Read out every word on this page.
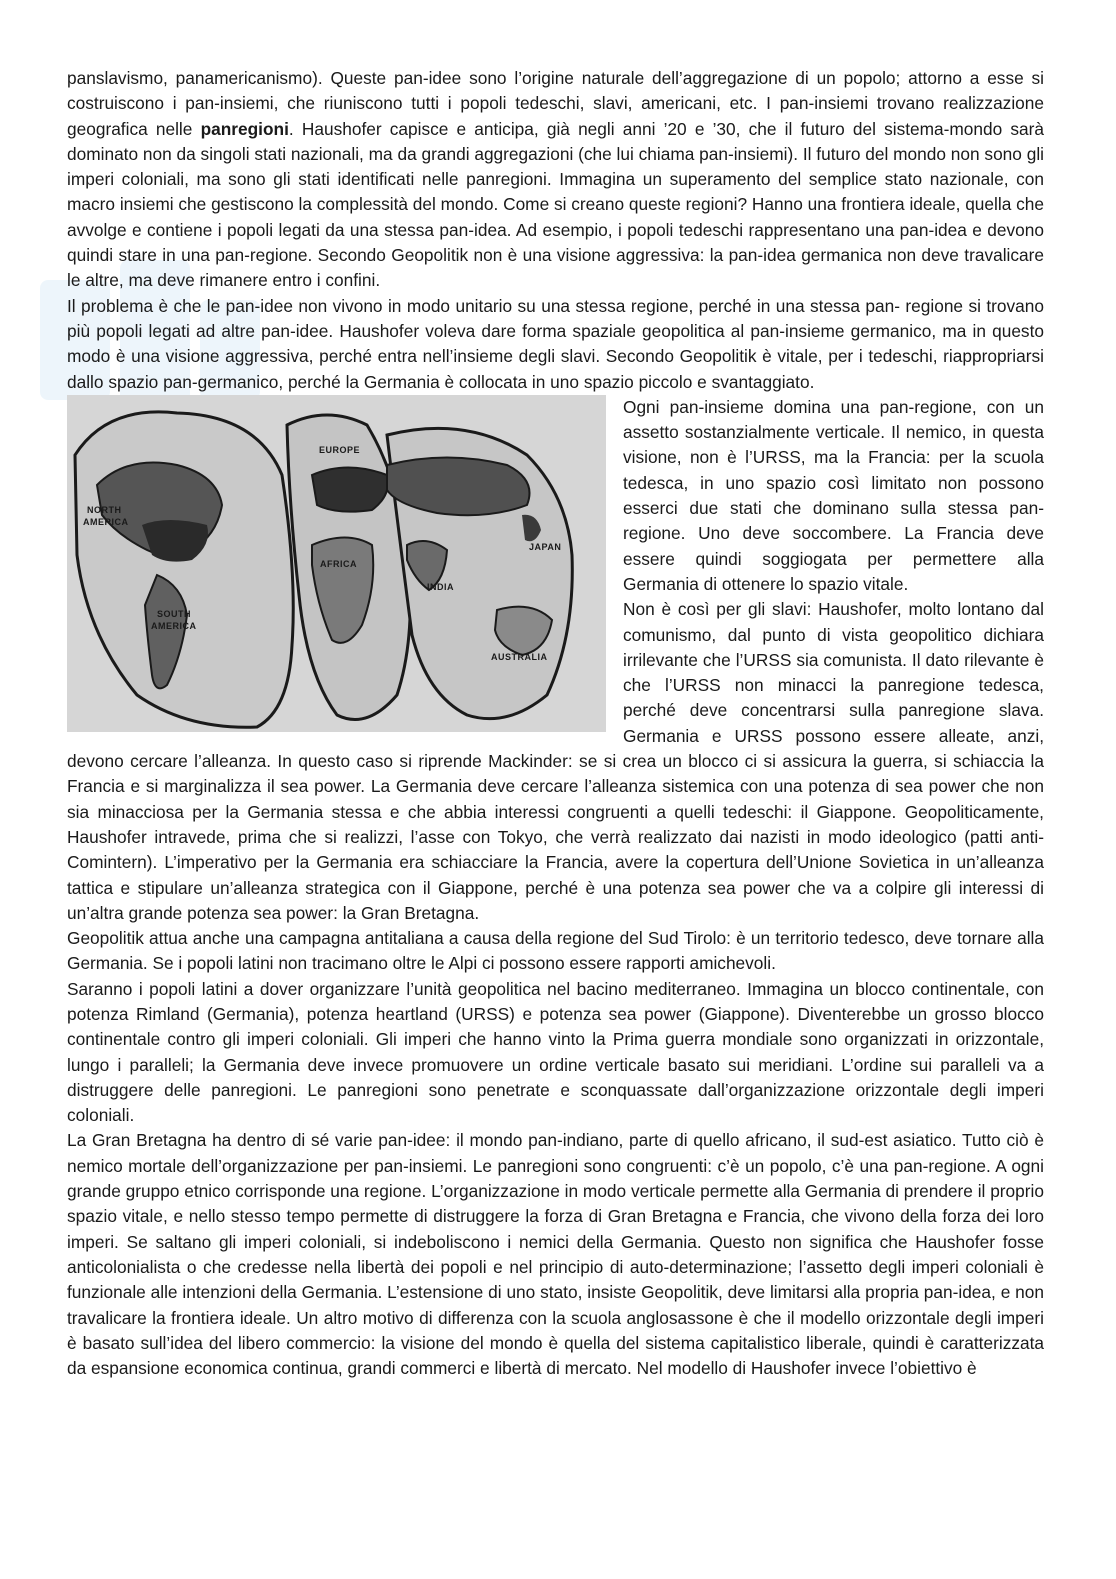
panslavismo, panamericanismo). Queste pan-idee sono l’origine naturale dell’aggregazione di un popolo; attorno a esse si costruiscono i pan-insiemi, che riuniscono tutti i popoli tedeschi, slavi, americani, etc. I pan-insiemi trovano realizzazione geografica nelle panregioni. Haushofer capisce e anticipa, già negli anni ’20 e ’30, che il futuro del sistema-mondo sarà dominato non da singoli stati nazionali, ma da grandi aggregazioni (che lui chiama pan-insiemi). Il futuro del mondo non sono gli imperi coloniali, ma sono gli stati identificati nelle panregioni. Immagina un superamento del semplice stato nazionale, con macro insiemi che gestiscono la complessità del mondo. Come si creano queste regioni? Hanno una frontiera ideale, quella che avvolge e contiene i popoli legati da una stessa pan-idea. Ad esempio, i popoli tedeschi rappresentano una pan-idea e devono quindi stare in una pan-regione. Secondo Geopolitik non è una visione aggressiva: la pan-idea germanica non deve travalicare le altre, ma deve rimanere entro i confini.

Il problema è che le pan-idee non vivono in modo unitario su una stessa regione, perché in una stessa pan- regione si trovano più popoli legati ad altre pan-idee. Haushofer voleva dare forma spaziale geopolitica al pan-insieme germanico, ma in questo modo è una visione aggressiva, perché entra nell’insieme degli slavi. Secondo Geopolitik è vitale, per i tedeschi, riappropriarsi dallo spazio pan-germanico, perché la Germania è collocata in uno spazio piccolo e svantaggiato.

NORTH
AMERICA
SOUTH
AMERICA
EUROPE
AFRICA
INDIA
JAPAN
AUSTRALIA

Ogni pan-insieme domina una pan-regione, con un assetto sostanzialmente verticale. Il nemico, in questa visione, non è l’URSS, ma la Francia: per la scuola tedesca, in uno spazio così limitato non possono esserci due stati che dominano sulla stessa pan-regione. Uno deve soccombere. La Francia deve essere quindi soggiogata per permettere alla Germania di ottenere lo spazio vitale.

Non è così per gli slavi: Haushofer, molto lontano dal comunismo, dal punto di vista geopolitico dichiara irrilevante che l’URSS sia comunista. Il dato rilevante è che l’URSS non minacci la panregione tedesca, perché deve concentrarsi sulla panregione slava. Germania e URSS possono essere alleate, anzi, devono cercare l’alleanza. In questo caso si riprende Mackinder: se si crea un blocco ci si assicura la guerra, si schiaccia la Francia e si marginalizza il sea power. La Germania deve cercare l’alleanza sistemica con una potenza di sea power che non sia minacciosa per la Germania stessa e che abbia interessi congruenti a quelli tedeschi: il Giappone. Geopoliticamente, Haushofer intravede, prima che si realizzi, l’asse con Tokyo, che verrà realizzato dai nazisti in modo ideologico (patti anti-Comintern). L’imperativo per la Germania era schiacciare la Francia, avere la copertura dell’Unione Sovietica in un’alleanza tattica e stipulare un’alleanza strategica con il Giappone, perché è una potenza sea power che va a colpire gli interessi di un’altra grande potenza sea power: la Gran Bretagna.

Geopolitik attua anche una campagna antitaliana a causa della regione del Sud Tirolo: è un territorio tedesco, deve tornare alla Germania. Se i popoli latini non tracimano oltre le Alpi ci possono essere rapporti amichevoli.

Saranno i popoli latini a dover organizzare l’unità geopolitica nel bacino mediterraneo. Immagina un blocco continentale, con potenza Rimland (Germania), potenza heartland (URSS) e potenza sea power (Giappone). Diventerebbe un grosso blocco continentale contro gli imperi coloniali. Gli imperi che hanno vinto la Prima guerra mondiale sono organizzati in orizzontale, lungo i paralleli; la Germania deve invece promuovere un ordine verticale basato sui meridiani. L’ordine sui paralleli va a distruggere delle panregioni. Le panregioni sono penetrate e sconquassate dall’organizzazione orizzontale degli imperi coloniali.

La Gran Bretagna ha dentro di sé varie pan-idee: il mondo pan-indiano, parte di quello africano, il sud-est asiatico. Tutto ciò è nemico mortale dell’organizzazione per pan-insiemi. Le panregioni sono congruenti: c’è un popolo, c’è una pan-regione. A ogni grande gruppo etnico corrisponde una regione. L’organizzazione in modo verticale permette alla Germania di prendere il proprio spazio vitale, e nello stesso tempo permette di distruggere la forza di Gran Bretagna e Francia, che vivono della forza dei loro imperi. Se saltano gli imperi coloniali, si indeboliscono i nemici della Germania. Questo non significa che Haushofer fosse anticolonialista o che credesse nella libertà dei popoli e nel principio di auto-determinazione; l’assetto degli imperi coloniali è funzionale alle intenzioni della Germania. L’estensione di uno stato, insiste Geopolitik, deve limitarsi alla propria pan-idea, e non travalicare la frontiera ideale. Un altro motivo di differenza con la scuola anglosassone è che il modello orizzontale degli imperi è basato sull’idea del libero commercio: la visione del mondo è quella del sistema capitalistico liberale, quindi è caratterizzata da espansione economica continua, grandi commerci e libertà di mercato. Nel modello di Haushofer invece l’obiettivo è
